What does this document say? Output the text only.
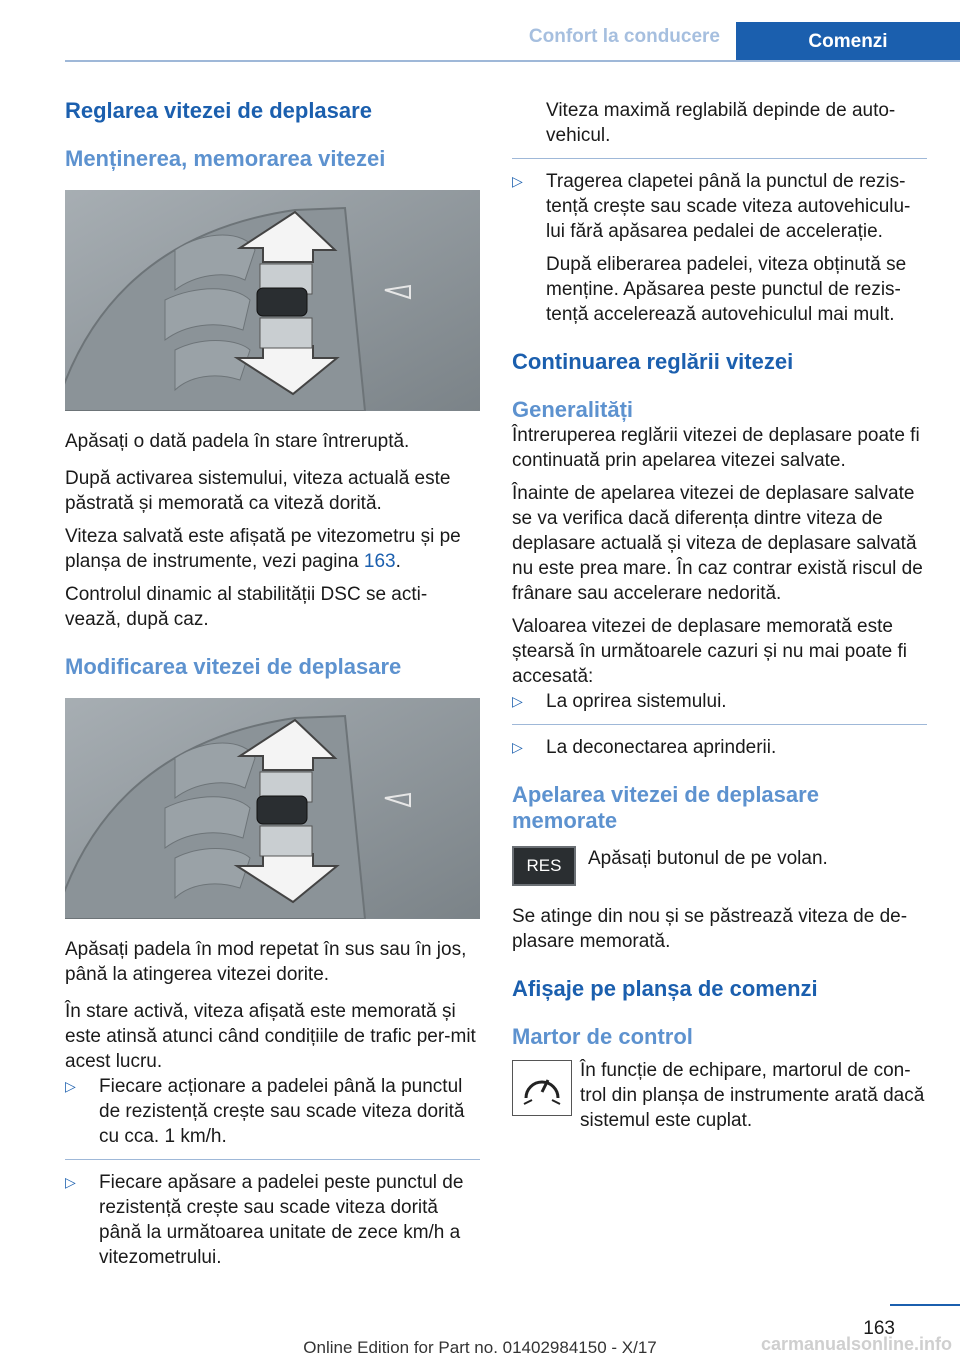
Confort la conducere	Comenzi
Reglarea vitezei de deplasare
Menținerea, memorarea vitezei

Apăsați o dată padela în stare întreruptă.

După activarea sistemului, viteza actuală este păstrată și memorată ca viteză dorită.

Viteza salvată este afișată pe vitezometru și pe planșa de instrumente, vezi pagina 163.

Controlul dinamic al stabilității DSC se acti-vează, după caz.

Modificarea vitezei de deplasare

Apăsați padela în mod repetat în sus sau în jos, până la atingerea vitezei dorite.

În stare activă, viteza afișată este memorată și este atinsă atunci când condițiile de trafic per-mit acest lucru.

▷ Fiecare acționare a padelei până la punctul de rezistență crește sau scade viteza dorită cu cca. 1 km/h.
▷ Fiecare apăsare a padelei peste punctul de rezistență crește sau scade viteza dorită până la următoarea unitate de zece km/h a vitezometrului.
Viteza maximă reglabilă depinde de auto-vehicul.
▷ Tragerea clapetei până la punctul de rezis-tență crește sau scade viteza autovehiculu-lui fără apăsarea pedalei de accelerație.
După eliberarea padelei, viteza obținută se menține. Apăsarea peste punctul de rezis-tență accelerează autovehiculul mai mult.
Continuarea reglării vitezei
Generalități

Întreruperea reglării vitezei de deplasare poate fi continuată prin apelarea vitezei salvate.

Înainte de apelarea vitezei de deplasare salvate se va verifica dacă diferența dintre viteza de deplasare actuală și viteza de deplasare salvată nu este prea mare. În caz contrar există riscul de frânare sau accelerare nedorită.

Valoarea vitezei de deplasare memorată este ștearsă în următoarele cazuri și nu mai poate fi accesată:

▷ La oprirea sistemului.
▷ La deconectarea aprinderii.
Apelarea vitezei de deplasare memorate
RES	Apăsați butonul de pe volan.

Se atinge din nou și se păstrează viteza de de-plasare memorată.

Afișaje pe planșa de comenzi
Martor de control

În funcție de echipare, martorul de con-trol din planșa de instrumente arată dacă sistemul este cuplat.

163
Online Edition for Part no. 01402984150 - X/17	carmanualsonline.info
